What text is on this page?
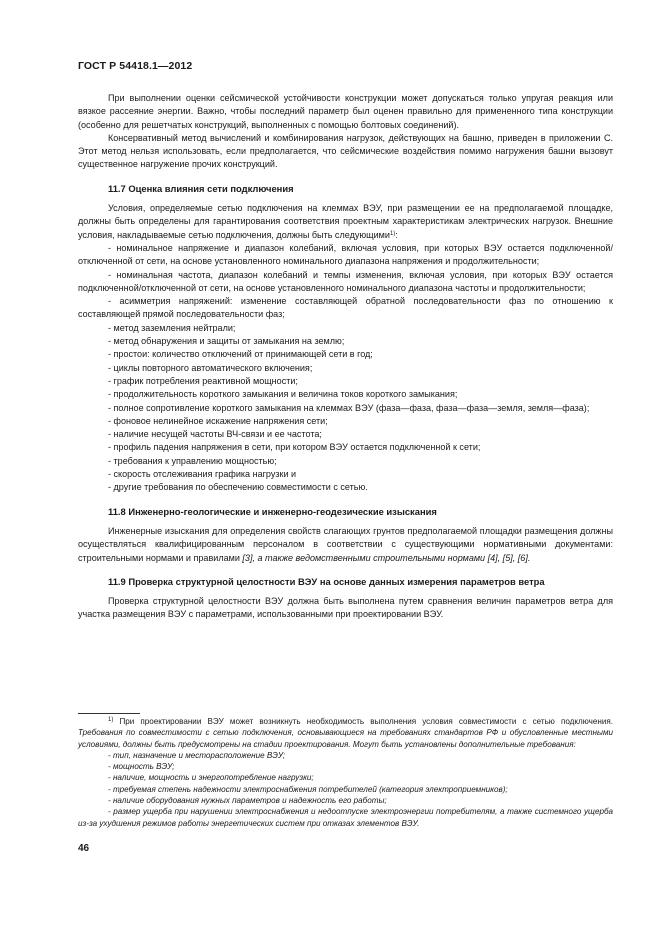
ГОСТ Р 54418.1—2012

При выполнении оценки сейсмической устойчивости конструкции может допускаться только упругая реакция или вязкое рассеяние энергии. Важно, чтобы последний параметр был оценен правильно для примененного типа конструкции (особенно для решетчатых конструкций, выполненных с помощью болтовых соединений).

Консервативный метод вычислений и комбинирования нагрузок, действующих на башню, приведен в приложении С. Этот метод нельзя использовать, если предполагается, что сейсмические воздействия помимо нагружения башни вызовут существенное нагружение прочих конструкций.

11.7 Оценка влияния сети подключения

Условия, определяемые сетью подключения на клеммах ВЭУ, при размещении ее на предполагаемой площадке, должны быть определены для гарантирования соответствия проектным характеристикам электрических нагрузок. Внешние условия, накладываемые сетью подключения, должны быть следующими$^{1)}$:

- номинальное напряжение и диапазон колебаний, включая условия, при которых ВЭУ остается подключенной/отключенной от сети, на основе установленного номинального диапазона напряжения и продолжительности;

- номинальная частота, диапазон колебаний и темпы изменения, включая условия, при которых ВЭУ остается подключенной/отключенной от сети, на основе установленного номинального диапазона частоты и продолжительности;

- асимметрия напряжений: изменение составляющей обратной последовательности фаз по отношению к составляющей прямой последовательности фаз;

- метод заземления нейтрали;

- метод обнаружения и защиты от замыкания на землю;

- простои: количество отключений от принимающей сети в год;

- циклы повторного автоматического включения;

- график потребления реактивной мощности;

- продолжительность короткого замыкания и величина токов короткого замыкания;

- полное сопротивление короткого замыкания на клеммах ВЭУ (фаза—фаза, фаза—фаза—земля, земля—фаза);

- фоновое нелинейное искажение напряжения сети;

- наличие несущей частоты ВЧ-связи и ее частота;

- профиль падения напряжения в сети, при котором ВЭУ остается подключенной к сети;

- требования к управлению мощностью;

- скорость отслеживания графика нагрузки и

- другие требования по обеспечению совместимости с сетью.

11.8 Инженерно-геологические и инженерно-геодезические изыскания

Инженерные изыскания для определения свойств слагающих грунтов предполагаемой площадки размещения должны осуществляться квалифицированным персоналом в соответствии с существующими нормативными документами: строительными нормами и правилами [3], а также ведомственными строительными нормами [4], [5], [6].

11.9 Проверка структурной целостности ВЭУ на основе данных измерения параметров ветра

Проверка структурной целостности ВЭУ должна быть выполнена путем сравнения величин параметров ветра для участка размещения ВЭУ с параметрами, использованными при проектировании ВЭУ.

$^{1)}$ При проектировании ВЭУ может возникнуть необходимость выполнения условия совместимости с сетью подключения. Требования по совместимости с сетью подключения, основывающиеся на требованиях стандартов РФ и обусловленные местными условиями, должны быть предусмотрены на стадии проектирования. Могут быть установлены дополнительные требования:

- тип, назначение и месторасположение ВЭУ;

- мощность ВЭУ;

- наличие, мощность и энергопотребление нагрузки;

- требуемая степень надежности электроснабжения потребителей (категория электроприемников);

- наличие оборудования нужных параметров и надежность его работы;

- размер ущерба при нарушении электроснабжения и недоотпуске электроэнергии потребителям, а также системного ущерба из-за ухудшения режимов работы энергетических систем при отказах элементов ВЭУ.

46
